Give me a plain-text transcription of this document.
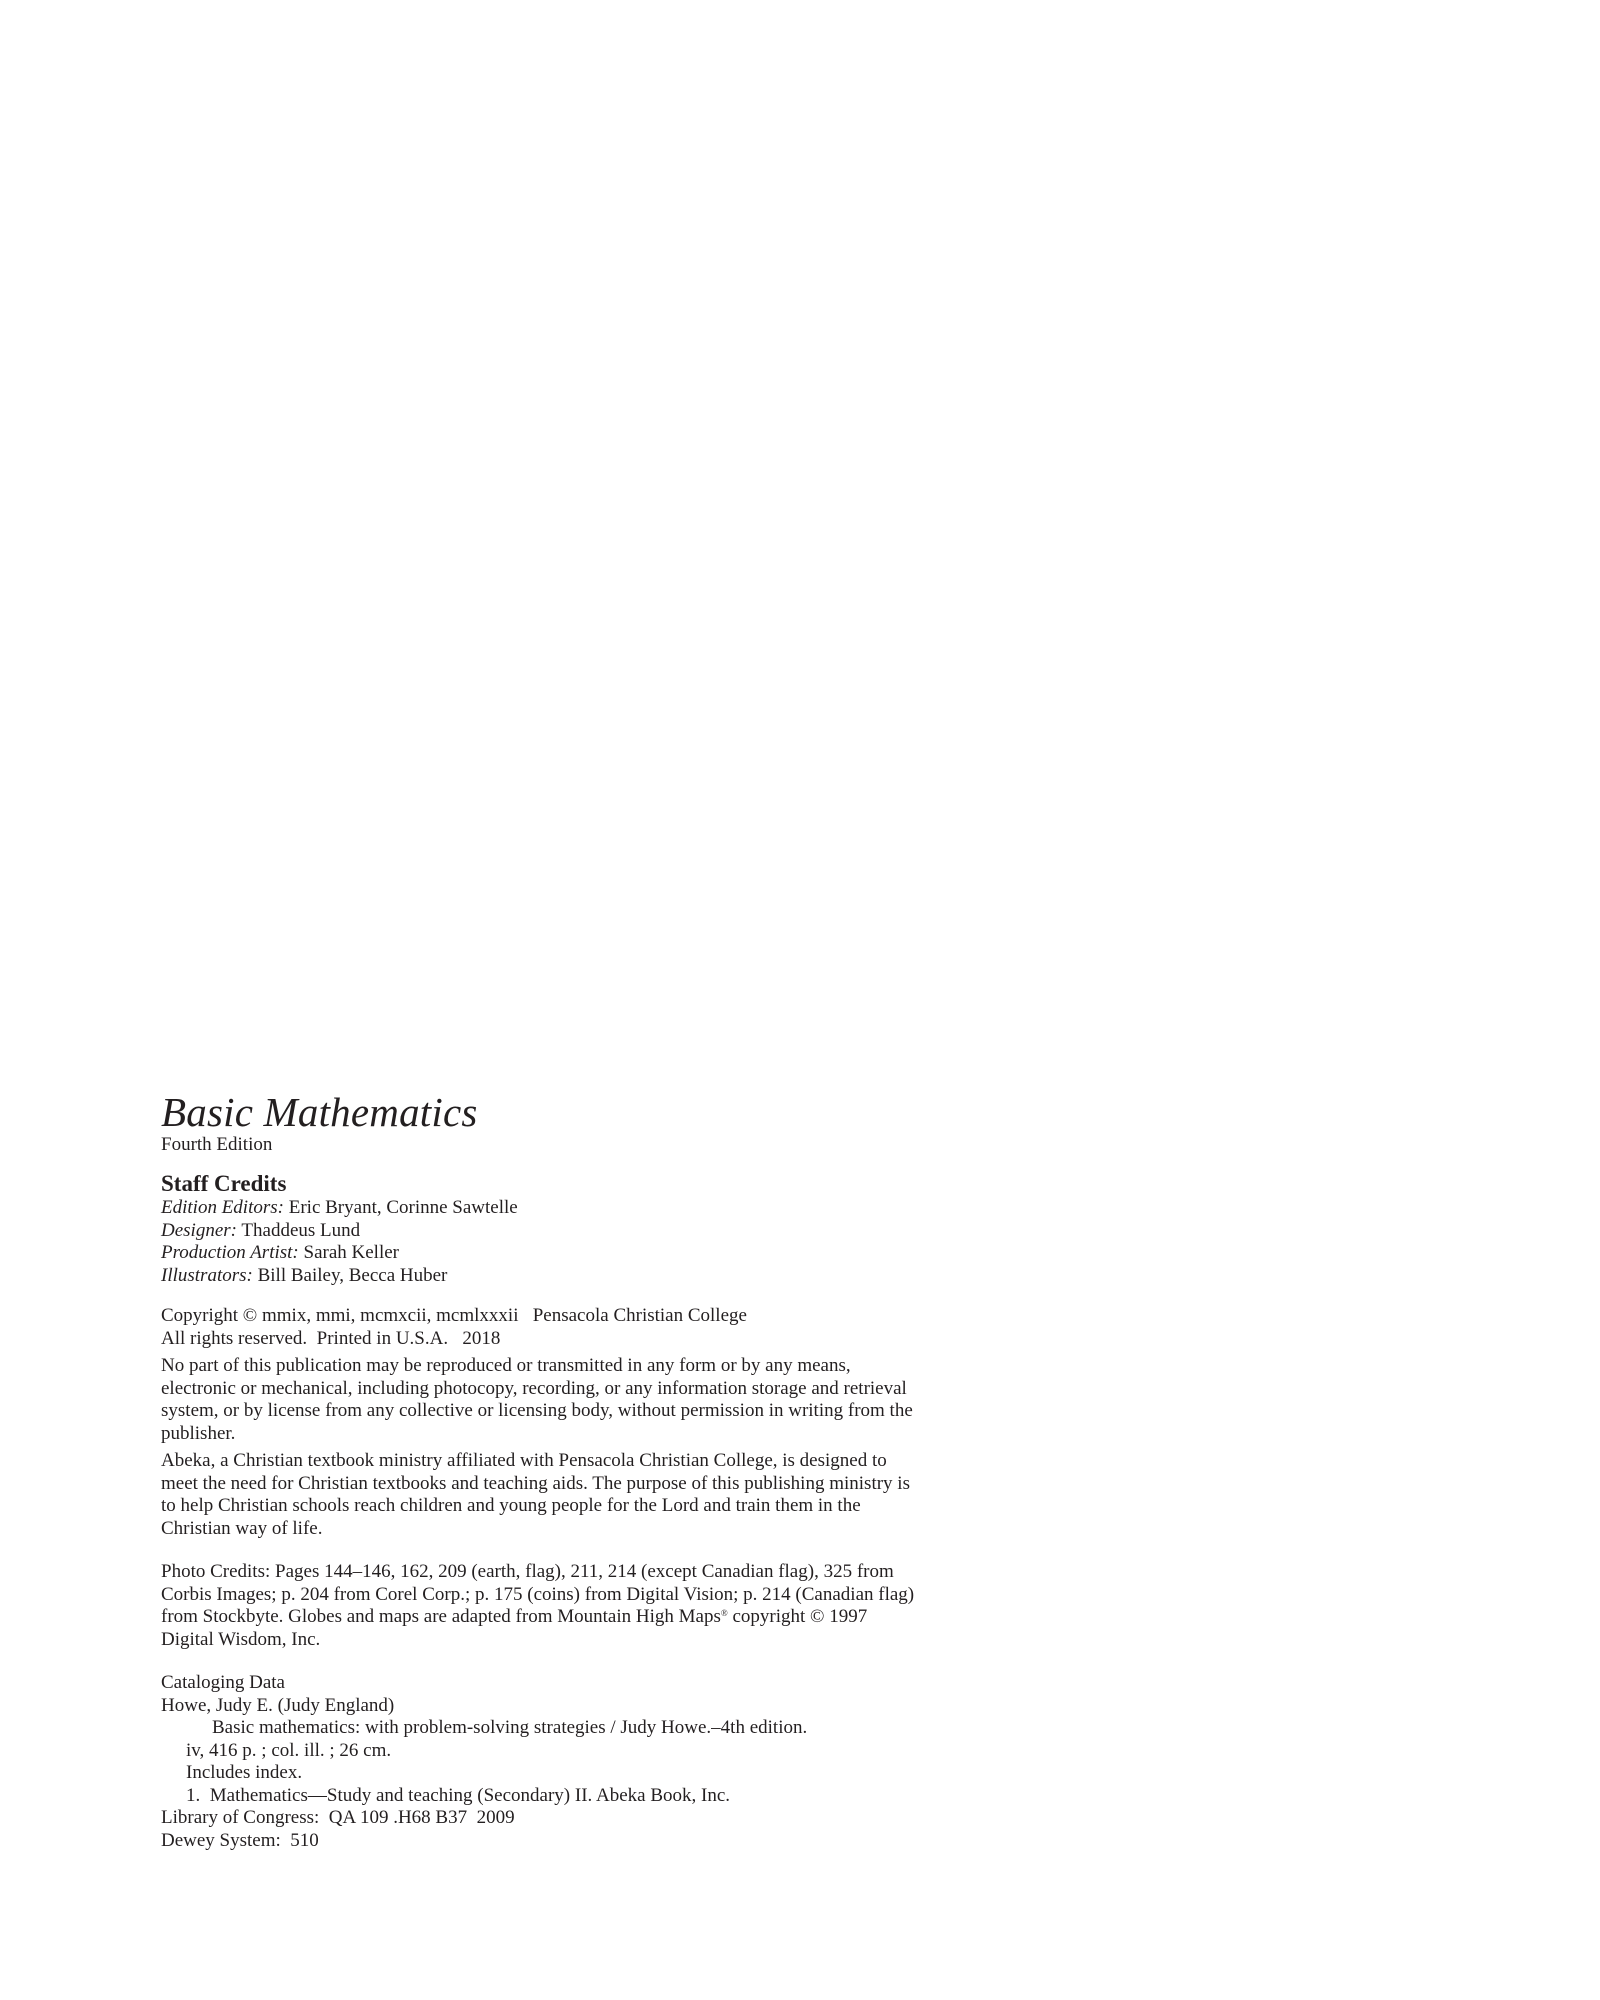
Basic Mathematics

Fourth Edition

Staff Credits

Edition Editors: Eric Bryant, Corinne Sawtelle

Designer: Thaddeus Lund

Production Artist: Sarah Keller

Illustrators: Bill Bailey, Becca Huber

Copyright © mmix, mmi, mcmxcii, mcmlxxxii   Pensacola Christian College

All rights reserved.  Printed in U.S.A.   2018

No part of this publication may be reproduced or transmitted in any form or by any means, electronic or mechanical, including photocopy, recording, or any information storage and retrieval system, or by license from any collective or licensing body, without permission in writing from the publisher.

Abeka, a Christian textbook ministry affiliated with Pensacola Christian College, is designed to meet the need for Christian textbooks and teaching aids. The purpose of this publishing ministry is to help Christian schools reach children and young people for the Lord and train them in the Christian way of life.

Photo Credits: Pages 144–146, 162, 209 (earth, flag), 211, 214 (except Canadian flag), 325 from Corbis Images; p. 204 from Corel Corp.; p. 175 (coins) from Digital Vision; p. 214 (Canadian flag) from Stockbyte. Globes and maps are adapted from Mountain High Maps® copyright © 1997 Digital Wisdom, Inc.

Cataloging Data

Howe, Judy E. (Judy England)

Basic mathematics: with problem-solving strategies / Judy Howe.–4th edition.

iv, 416 p. ; col. ill. ; 26 cm.

Includes index.

1.  Mathematics—Study and teaching (Secondary) II. Abeka Book, Inc.

Library of Congress:  QA 109 .H68 B37  2009

Dewey System:  510
